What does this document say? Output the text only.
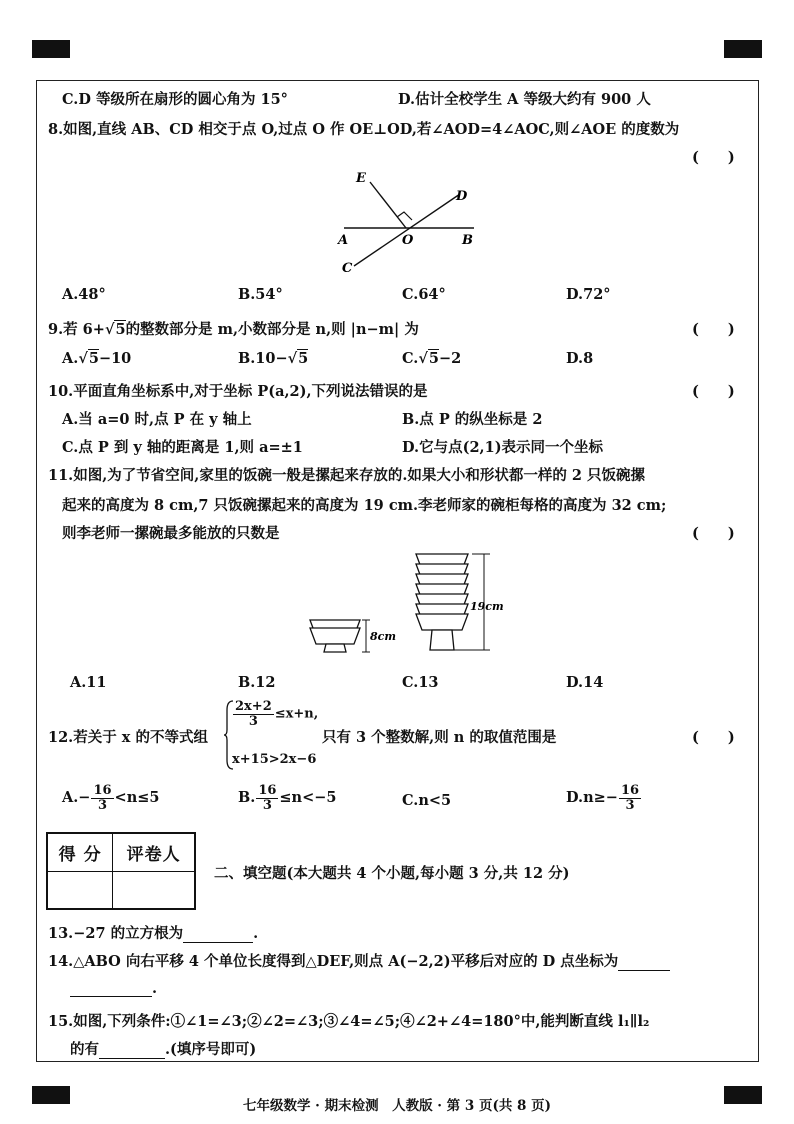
C.D 等级所在扇形的圆心角为 15°	D.估计全校学生 A 等级大约有 900 人
8.如图,直线 AB、CD 相交于点 O,过点 O 作 OE⊥OD,若∠AOD=4∠AOC,则∠AOE 的度数为
(　　)
E
D
A	O	B
C
A.48°	B.54°	C.64°	D.72°
9.若 6+√5的整数部分是 m,小数部分是 n,则 |n−m| 为	(　　)
A.√5−10	B.10−√5	C.√5−2	D.8
10.平面直角坐标系中,对于坐标 P(a,2),下列说法错误的是	(　　)
A.当 a=0 时,点 P 在 y 轴上	B.点 P 的纵坐标是 2
C.点 P 到 y 轴的距离是 1,则 a=±1	D.它与点(2,1)表示同一个坐标
11.如图,为了节省空间,家里的饭碗一般是摞起来存放的.如果大小和形状都一样的 2 只饭碗摞
起来的高度为 8 cm,7 只饭碗摞起来的高度为 19 cm.李老师家的碗柜每格的高度为 32 cm;
则李老师一摞碗最多能放的只数是	(　　)
8cm
19cm
A.11	B.12	C.13	D.14
12.若关于 x 的不等式组
$\frac{2x+2}{3} \le x+n$,
只有 3 个整数解,则 n 的取值范围是
x+15>2x−6
(　　)
$A.- \frac{16}{3} <n\le 5$	B. $\frac{16}{3} \le n<-5$	C.n<5	$D.n\ge- \frac{16}{3}$
得 分	评卷人

二、填空题(本大题共 4 个小题,每小题 3 分,共 12 分)
13.−27 的立方根为	.
14.△ABO 向右平移 4 个单位长度得到△DEF,则点 A(−2,2)平移后对应的 D 点坐标为
.
15.如图,下列条件:①∠1=∠3;②∠2=∠3;③∠4=∠5;④∠2+∠4=180°中,能判断直线 l₁∥l₂
的有	.(填序号即可)
七年级数学 · 期末检测　人教版 · 第 3 页(共 8 页)
